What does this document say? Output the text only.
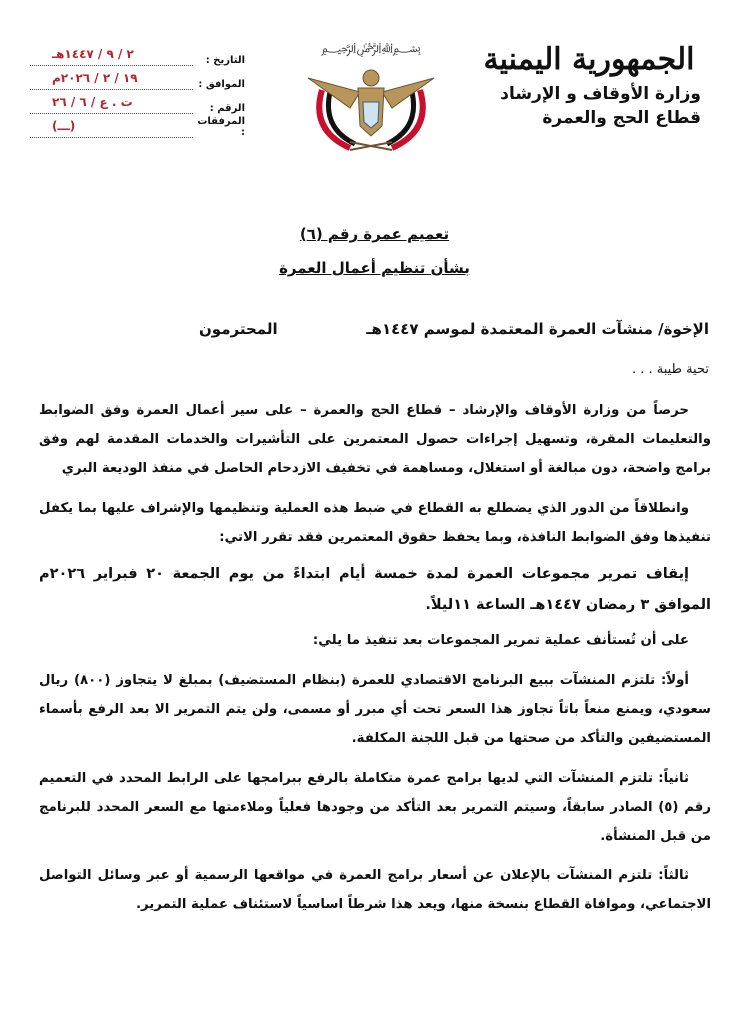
الجمهورية اليمنية
وزارة الأوقاف و الإرشاد
قطاع الحج والعمرة
﷽
التاريخ :
٢ / ٩ / ١٤٤٧هـ
الموافق :
١٩ / ٢ / ٢٠٢٦م
الرقم :
ت . ع / ٦ / ٢٦
المرفقات :
(ـــ)
تعميم عمرة رقم (٦)
بشأن تنظيم أعمال العمرة
الإخوة/ منشآت العمرة المعتمدة لموسم ١٤٤٧هـ
المحترمون
تحية طيبة . . .
حرصاً من وزارة الأوقاف والإرشاد – قطاع الحج والعمرة – على سير أعمال العمرة وفق الضوابط والتعليمات المقرة، وتسهيل إجراءات حصول المعتمرين على التأشيرات والخدمات المقدمة لهم وفق برامج واضحة، دون مبالغة أو استغلال، ومساهمة في تخفيف الازدحام الحاصل في منفذ الوديعة البري
وانطلاقاً من الدور الذي يضطلع به القطاع في ضبط هذه العملية وتنظيمها والإشراف عليها بما يكفل تنفيذها وفق الضوابط النافذة، وبما يحفظ حقوق المعتمرين فقد تقرر الاتي:
إيقاف تمرير مجموعات العمرة لمدة خمسة أيام ابتداءً من يوم الجمعة ٢٠ فبراير ٢٠٢٦م الموافق ٣ رمضان ١٤٤٧هـ الساعة ١١ليلاً.
على أن تُستأنف عملية تمرير المجموعات بعد تنفيذ ما يلي:
أولاً: تلتزم المنشآت ببيع البرنامج الاقتصادي للعمرة (بنظام المستضيف) بمبلغ لا يتجاوز (٨٠٠) ريال سعودي، ويمنع منعاً باتاً تجاوز هذا السعر تحت أي مبرر أو مسمى، ولن يتم التمرير الا بعد الرفع بأسماء المستضيفين والتأكد من صحتها من قبل اللجنة المكلفة.
ثانياً: تلتزم المنشآت التي لديها برامج عمرة متكاملة بالرفع ببرامجها على الرابط المحدد في التعميم رقم (٥) الصادر سابقاً، وسيتم التمرير بعد التأكد من وجودها فعلياً وملاءمتها مع السعر المحدد للبرنامج من قبل المنشأة.
ثالثاً: تلتزم المنشآت بالإعلان عن أسعار برامج العمرة في مواقعها الرسمية أو عبر وسائل التواصل الاجتماعي، وموافاة القطاع بنسخة منها، ويعد هذا شرطاً اساسياً لاستئناف عملية التمرير.
